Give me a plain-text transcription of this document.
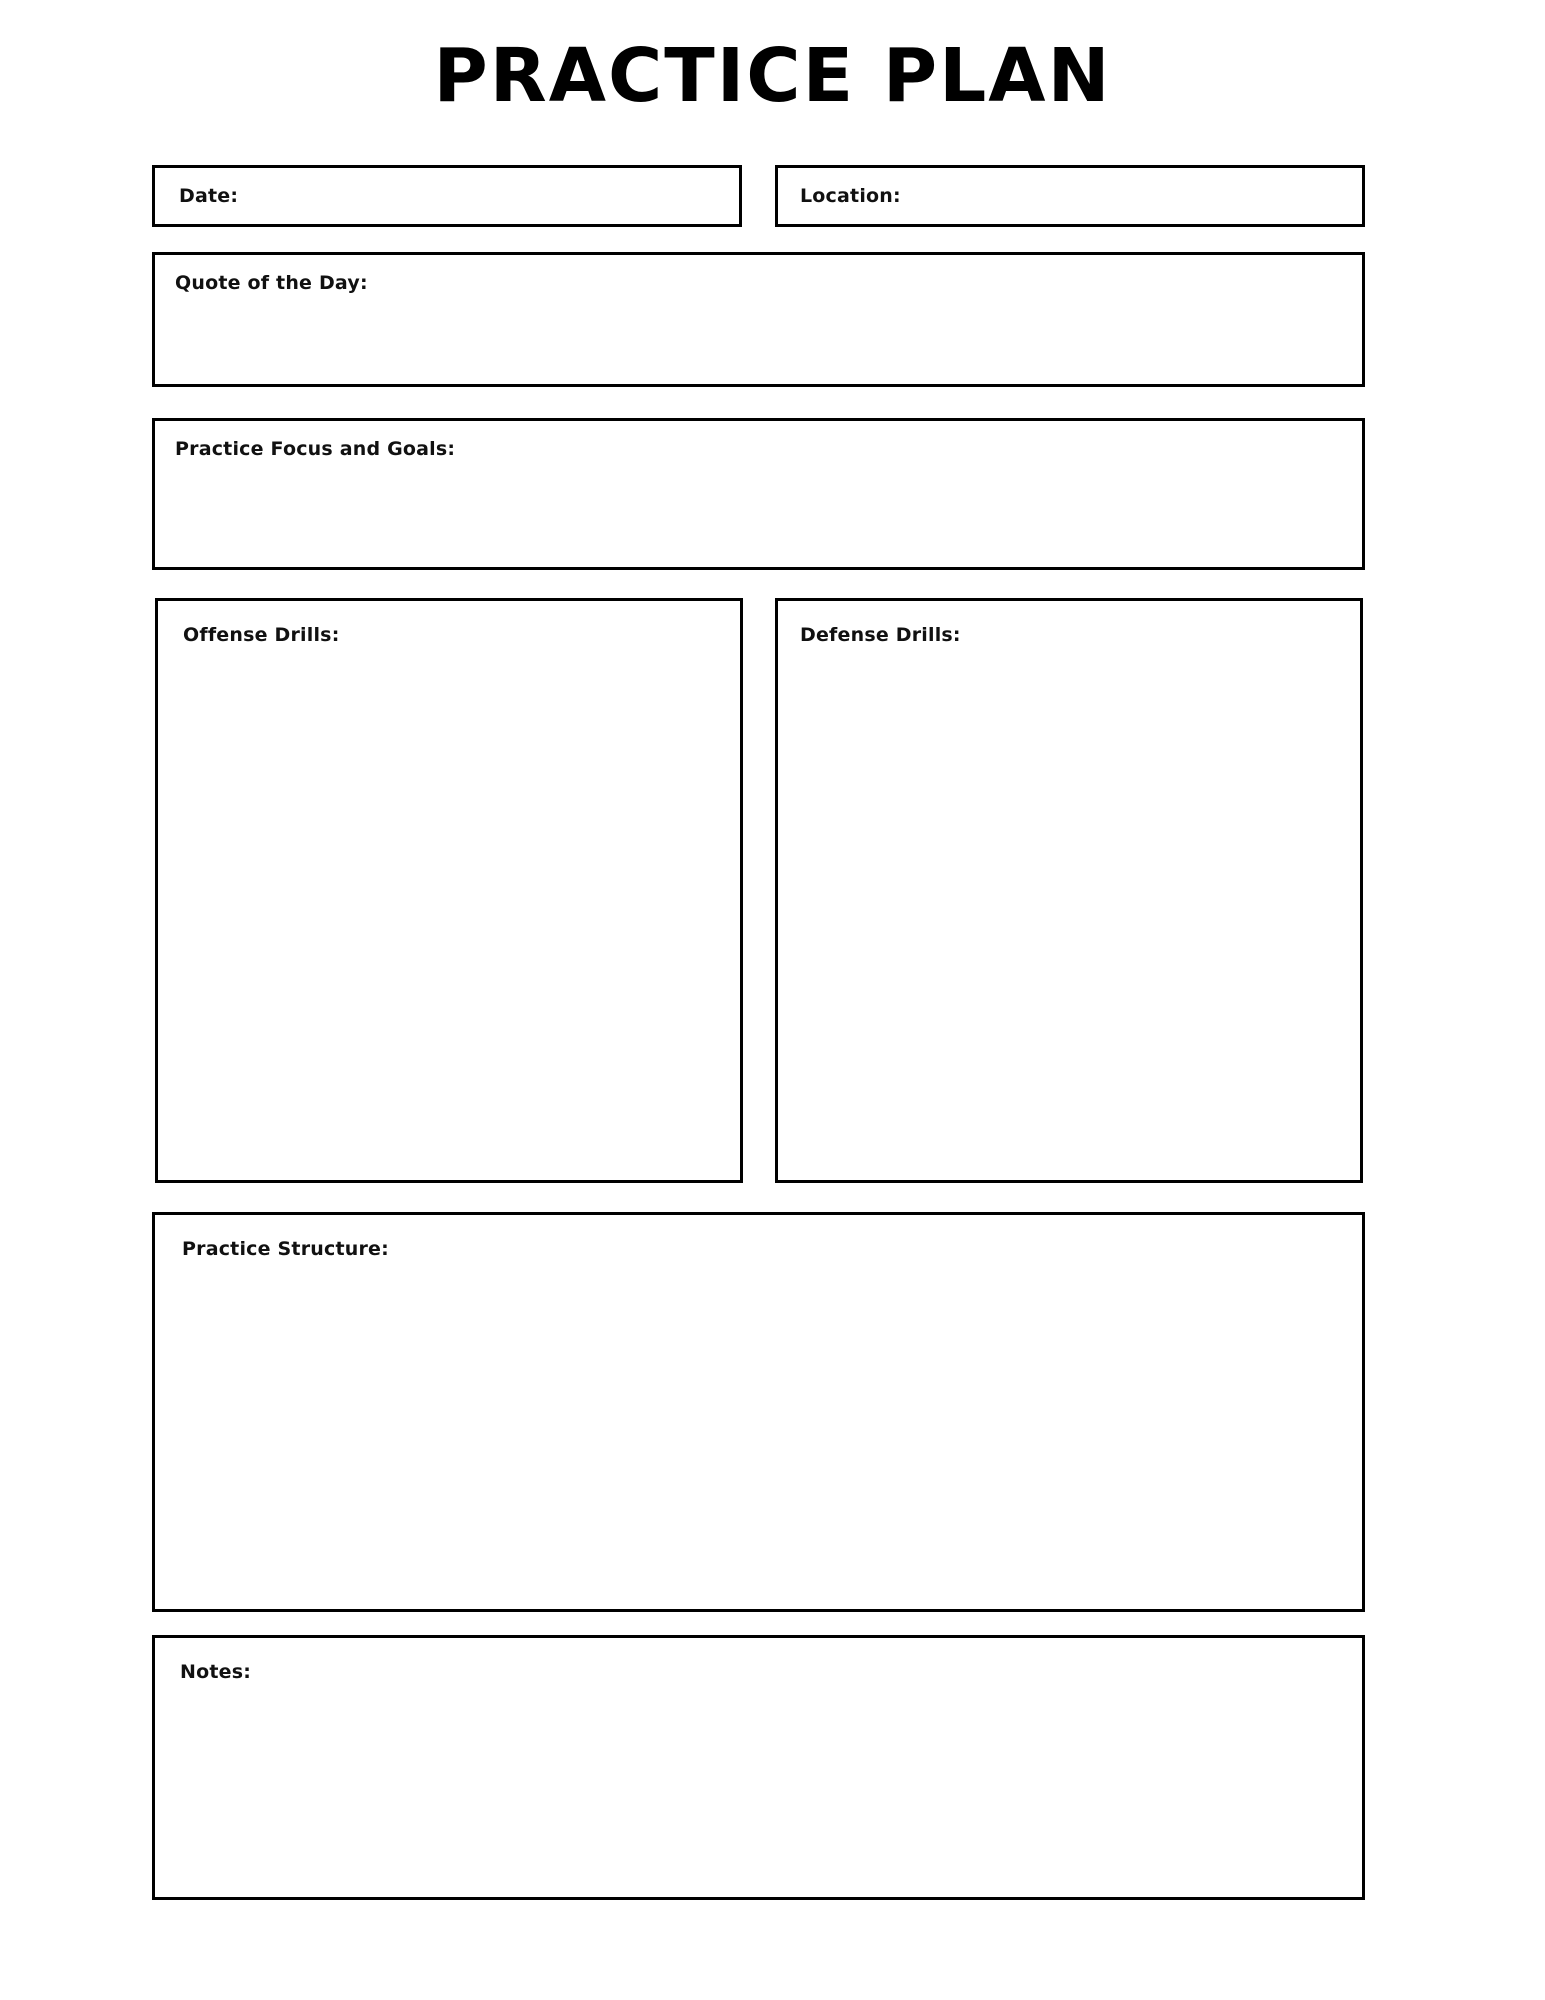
PRACTICE PLAN
Date:	Location:
Quote of the Day:
Practice Focus and Goals:
Offense Drills:	Defense Drills:
Practice Structure:
Notes:
